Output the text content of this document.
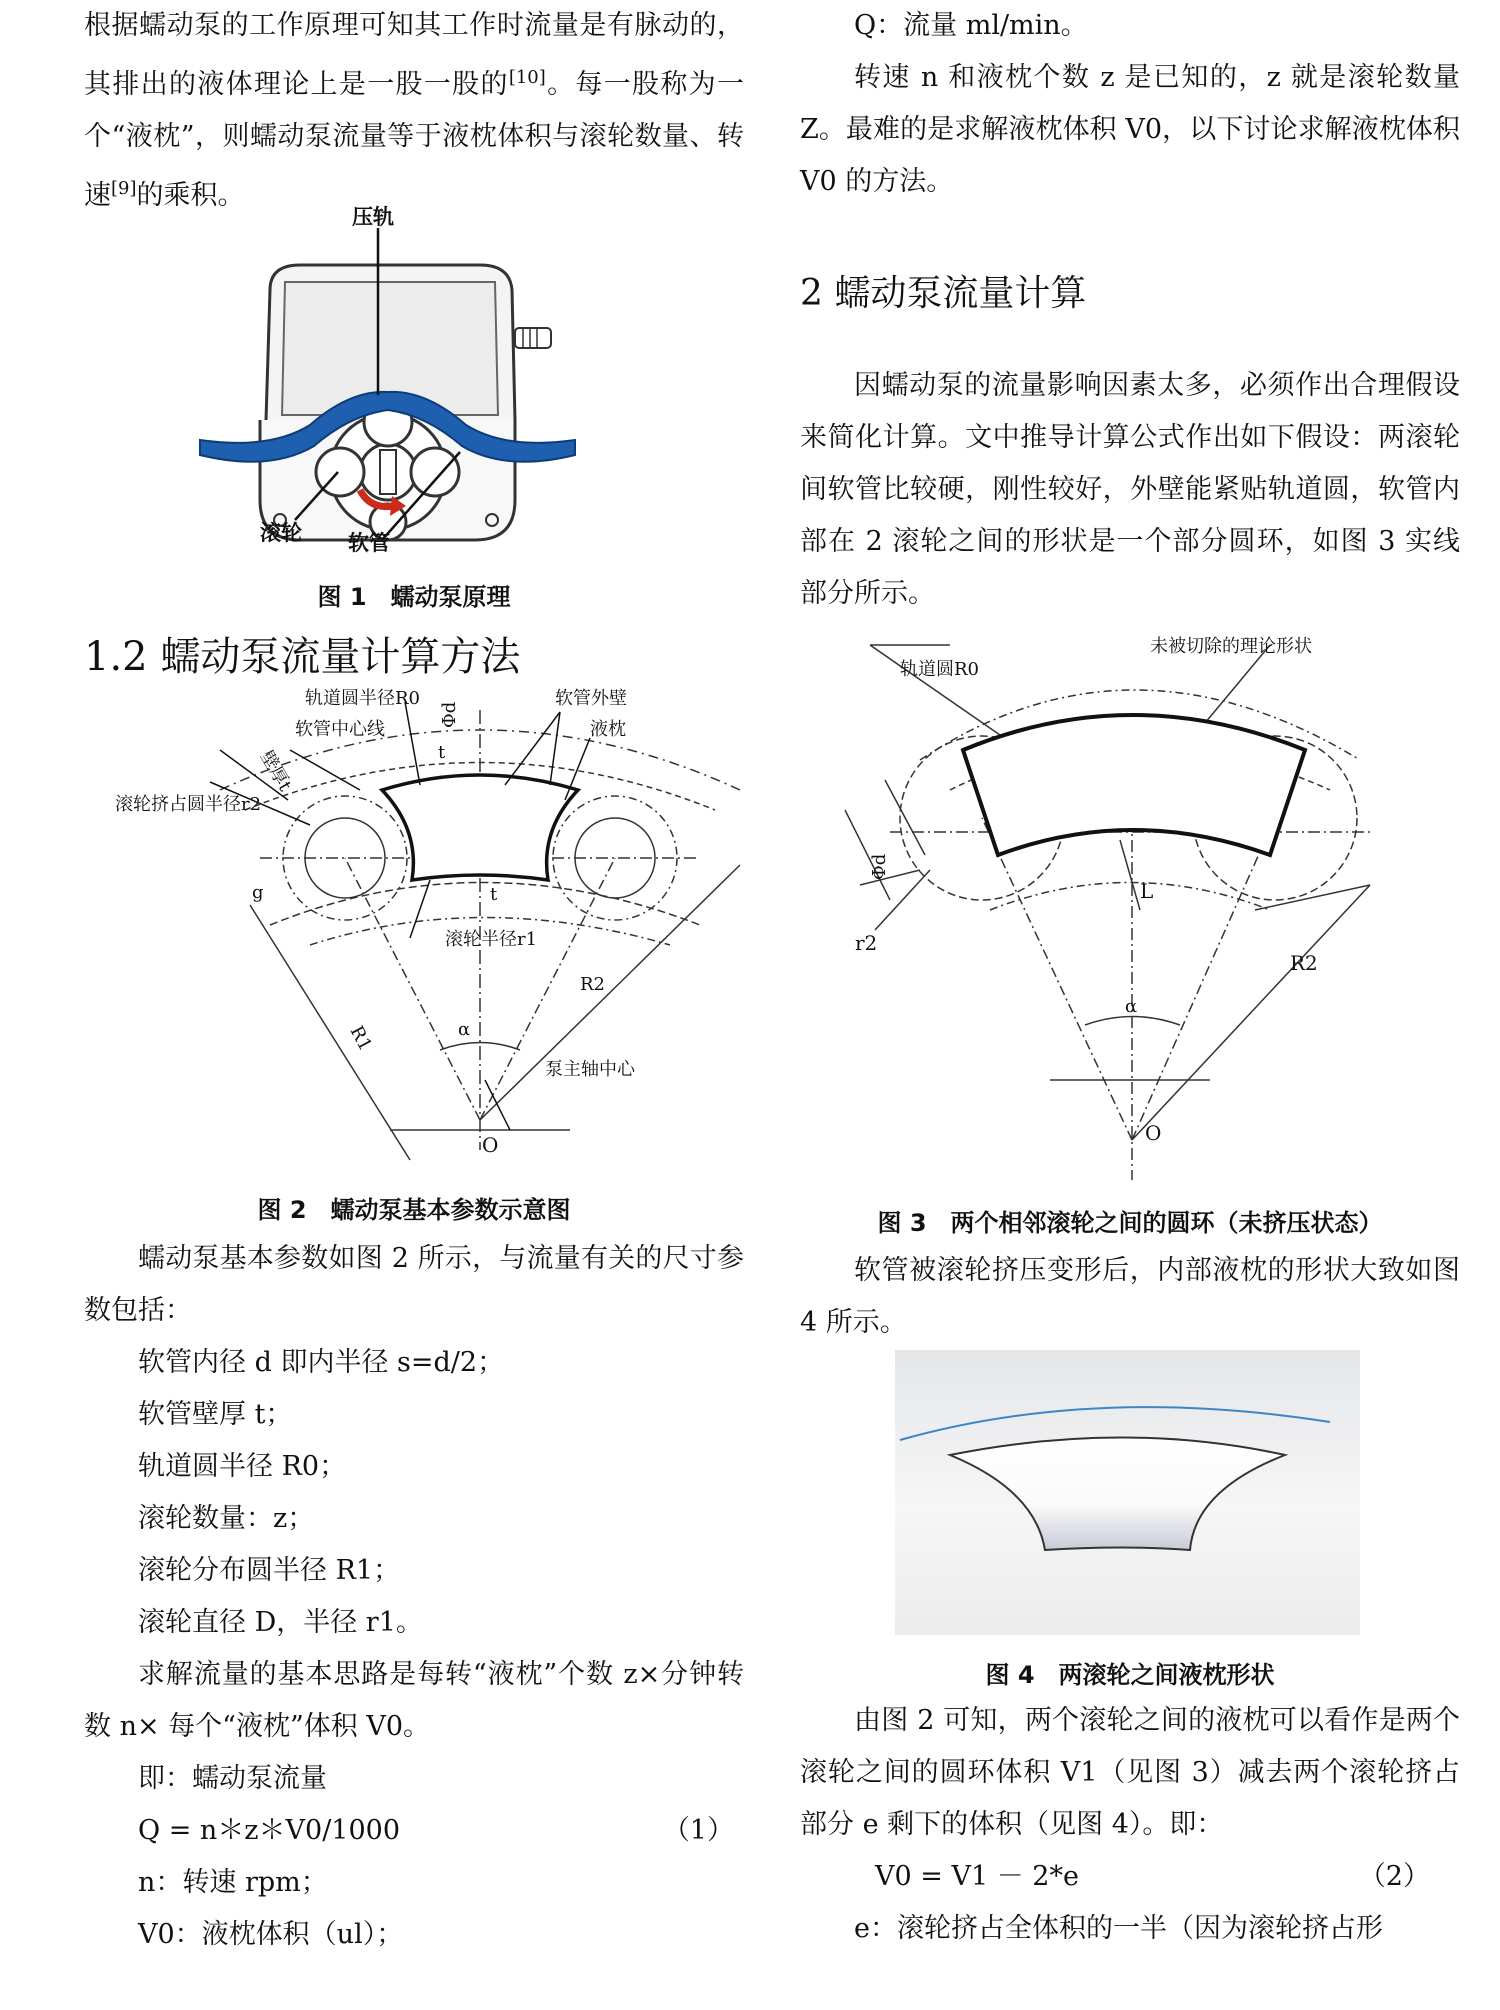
根据蠕动泵的工作原理可知其工作时流量是有脉动的，其排出的液体理论上是一股一股的[10]。每一股称为一个“液枕”，则蠕动泵流量等于液枕体积与滚轮数量、转速[9]的乘积。

压轨
滚轮 软管
图 1　蠕动泵原理
1.2 蠕动泵流量计算方法
轨道圆半径R0
软管中心线
软管外壁
液枕
壁厚t
滚轮挤占圆半径r2
Φd
t
t
g
滚轮半径r1
α
R2
R1
泵主轴中心
O
图 2　蠕动泵基本参数示意图

蠕动泵基本参数如图 2 所示，与流量有关的尺寸参数包括：

软管内径 d 即内半径 s=d/2；

软管壁厚 t；

轨道圆半径 R0；

滚轮数量：z；

滚轮分布圆半径 R1；

滚轮直径 D，半径 r1。

求解流量的基本思路是每转“液枕”个数 z×分钟转数 n× 每个“液枕”体积 V0。

即：蠕动泵流量

Q = n＊z＊V0/1000	（1）

n：转速 rpm；

V0：液枕体积（ul）；

Q：流量 ml/min。

转速 n 和液枕个数 z 是已知的，z 就是滚轮数量 Z。最难的是求解液枕体积 V0，以下讨论求解液枕体积 V0 的方法。

2 蠕动泵流量计算

因蠕动泵的流量影响因素太多，必须作出合理假设来简化计算。文中推导计算公式作出如下假设：两滚轮间软管比较硬，刚性较好，外壁能紧贴轨道圆，软管内部在 2 滚轮之间的形状是一个部分圆环，如图 3 实线部分所示。

未被切除的理论形状
轨道圆R0
Φd
L
r2
R2
α
O
图 3　两个相邻滚轮之间的圆环（未挤压状态）

软管被滚轮挤压变形后，内部液枕的形状大致如图 4 所示。

图 4　两滚轮之间液枕形状

由图 2 可知，两个滚轮之间的液枕可以看作是两个滚轮之间的圆环体积 V1（见图 3）减去两个滚轮挤占部分 e 剩下的体积（见图 4）。即：

V0 = V1 － 2*e	（2）

e：滚轮挤占全体积的一半（因为滚轮挤占形
